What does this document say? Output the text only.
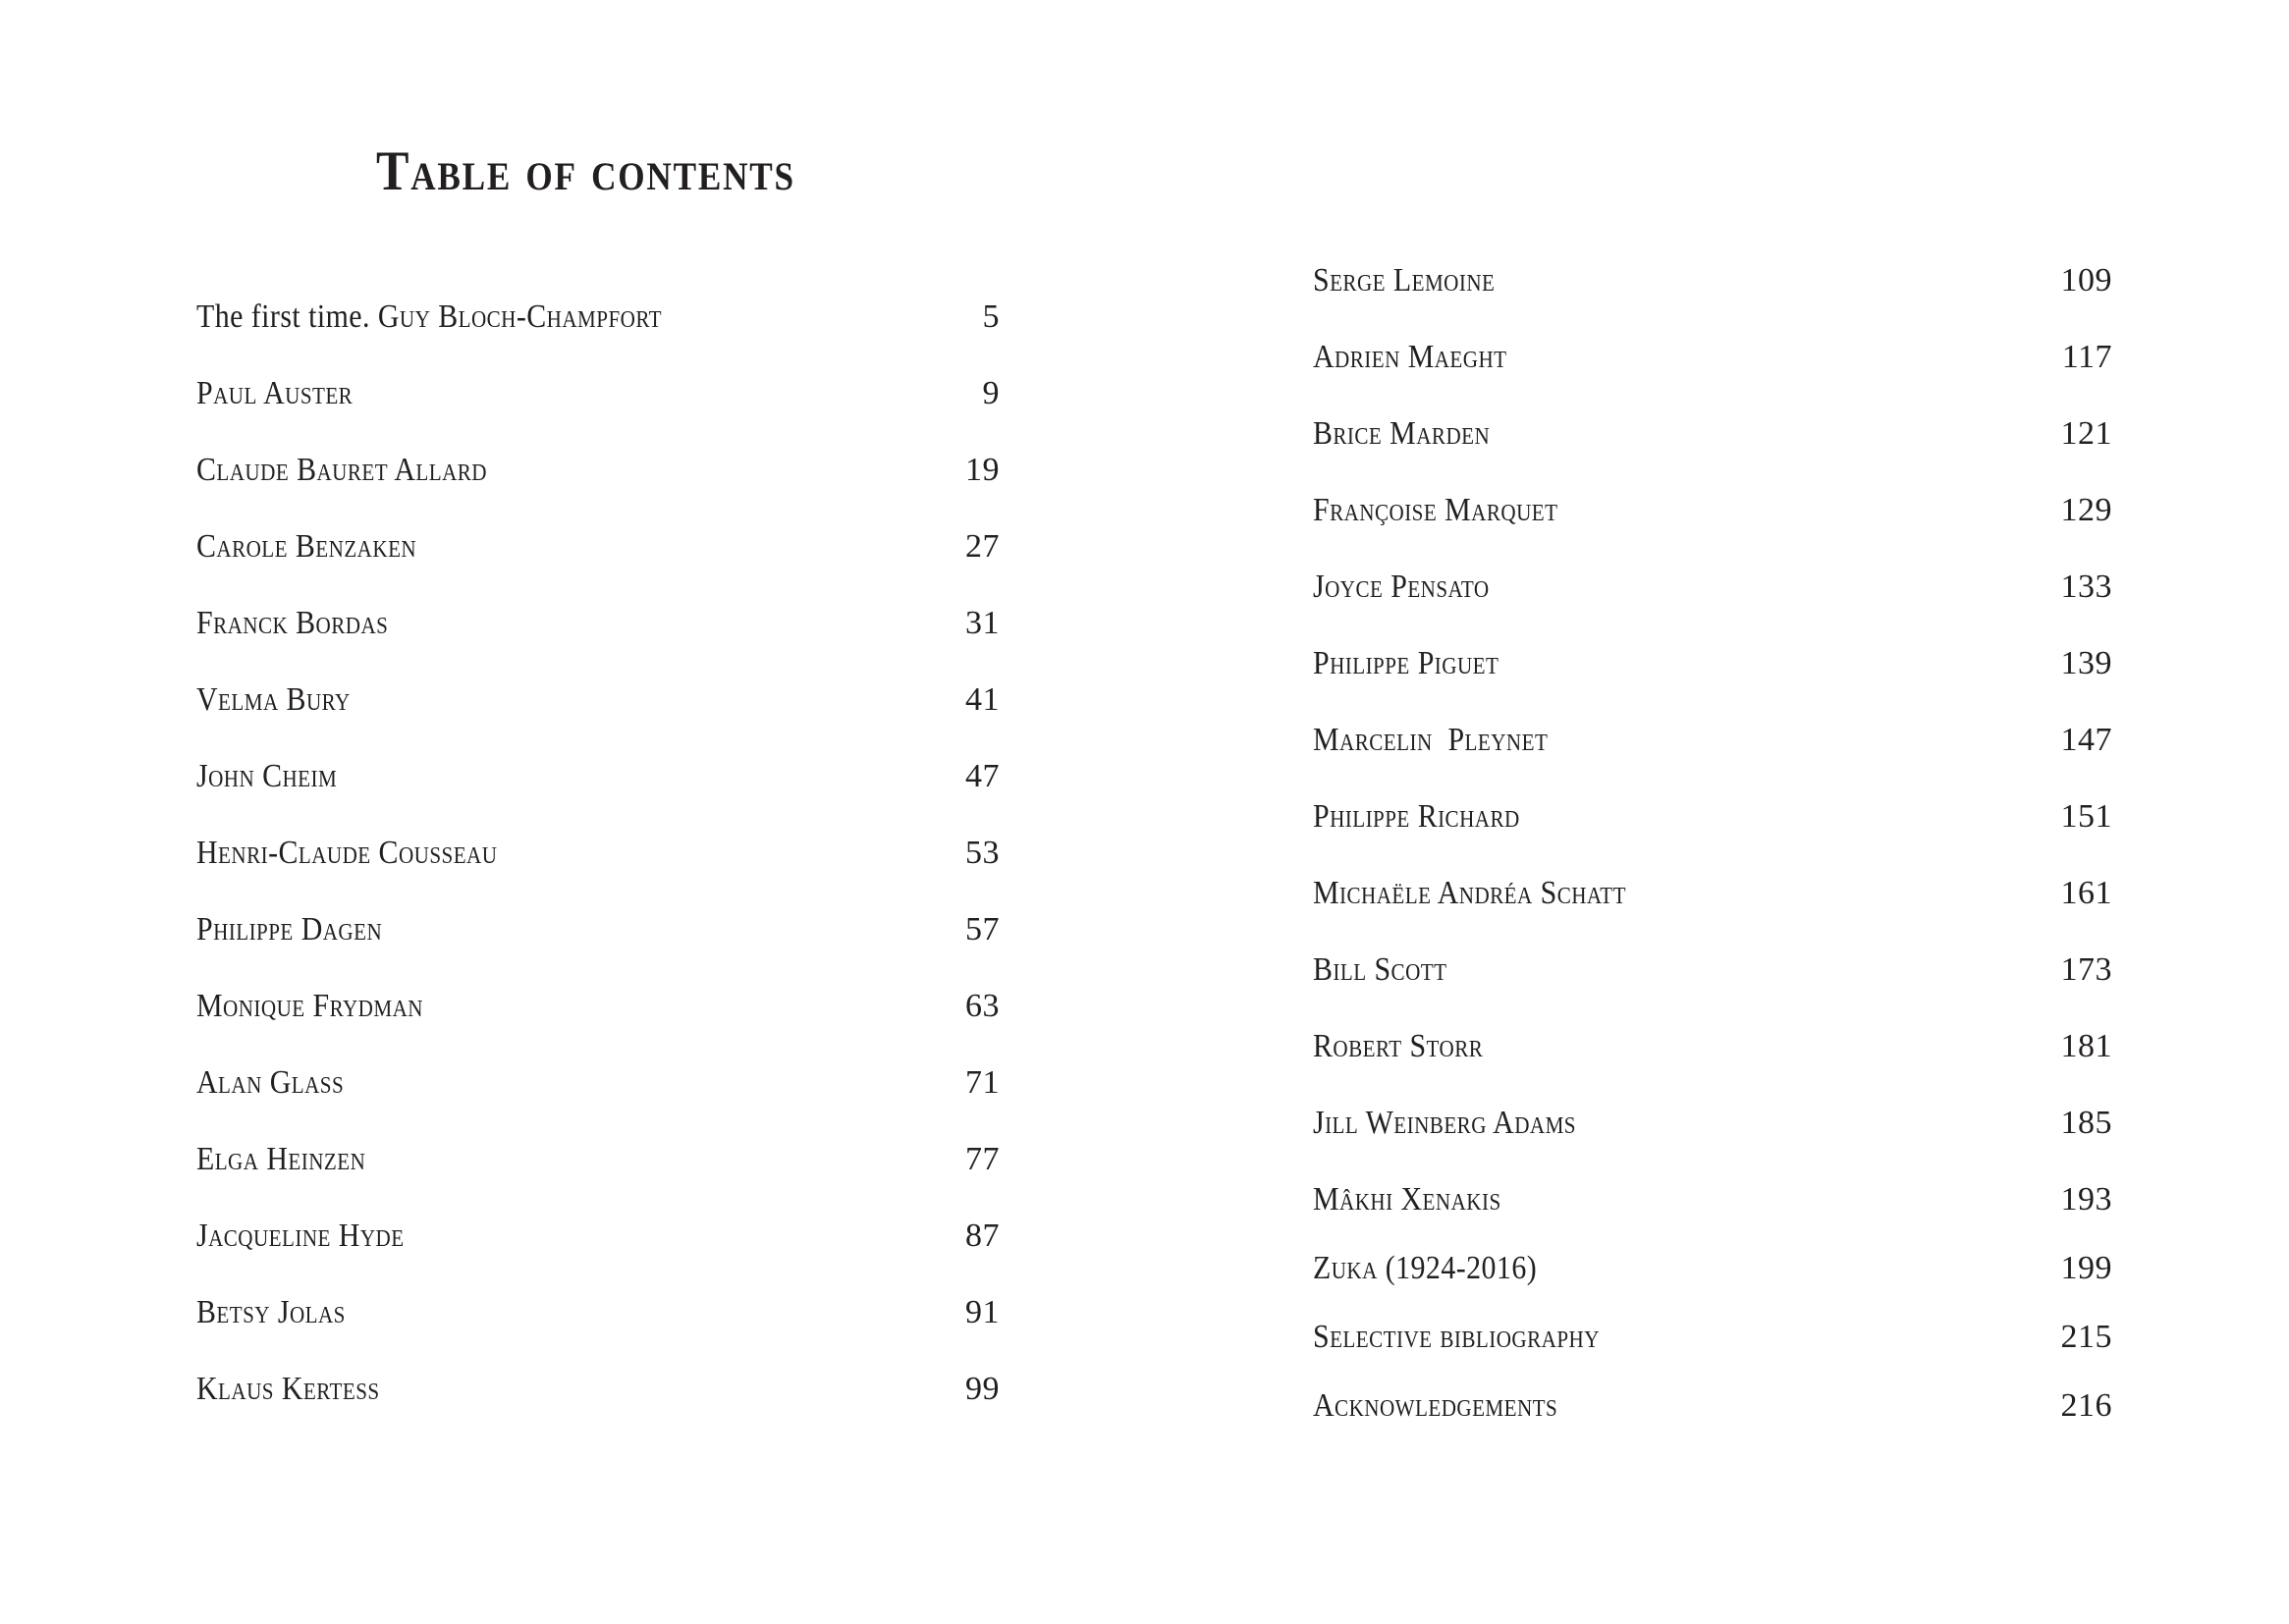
Table of contents
The first time. Guy Bloch-Champfort	5
Paul Auster	9
Claude Bauret Allard	19
Carole Benzaken	27
Franck Bordas	31
Velma Bury	41
John Cheim	47
Henri-Claude Cousseau	53
Philippe Dagen	57
Monique Frydman	63
Alan Glass	71
Elga Heinzen	77
Jacqueline Hyde	87
Betsy Jolas	91
Klaus Kertess	99
Serge Lemoine	109
Adrien Maeght	117
Brice Marden	121
Françoise Marquet	129
Joyce Pensato	133
Philippe Piguet	139
Marcelin  Pleynet	147
Philippe Richard	151
Michaële Andréa Schatt	161
Bill Scott	173
Robert Storr	181
Jill Weinberg Adams	185
Mâkhi Xenakis	193
Zuka (1924-2016)	199
Selective bibliography	215
Acknowledgements	216
